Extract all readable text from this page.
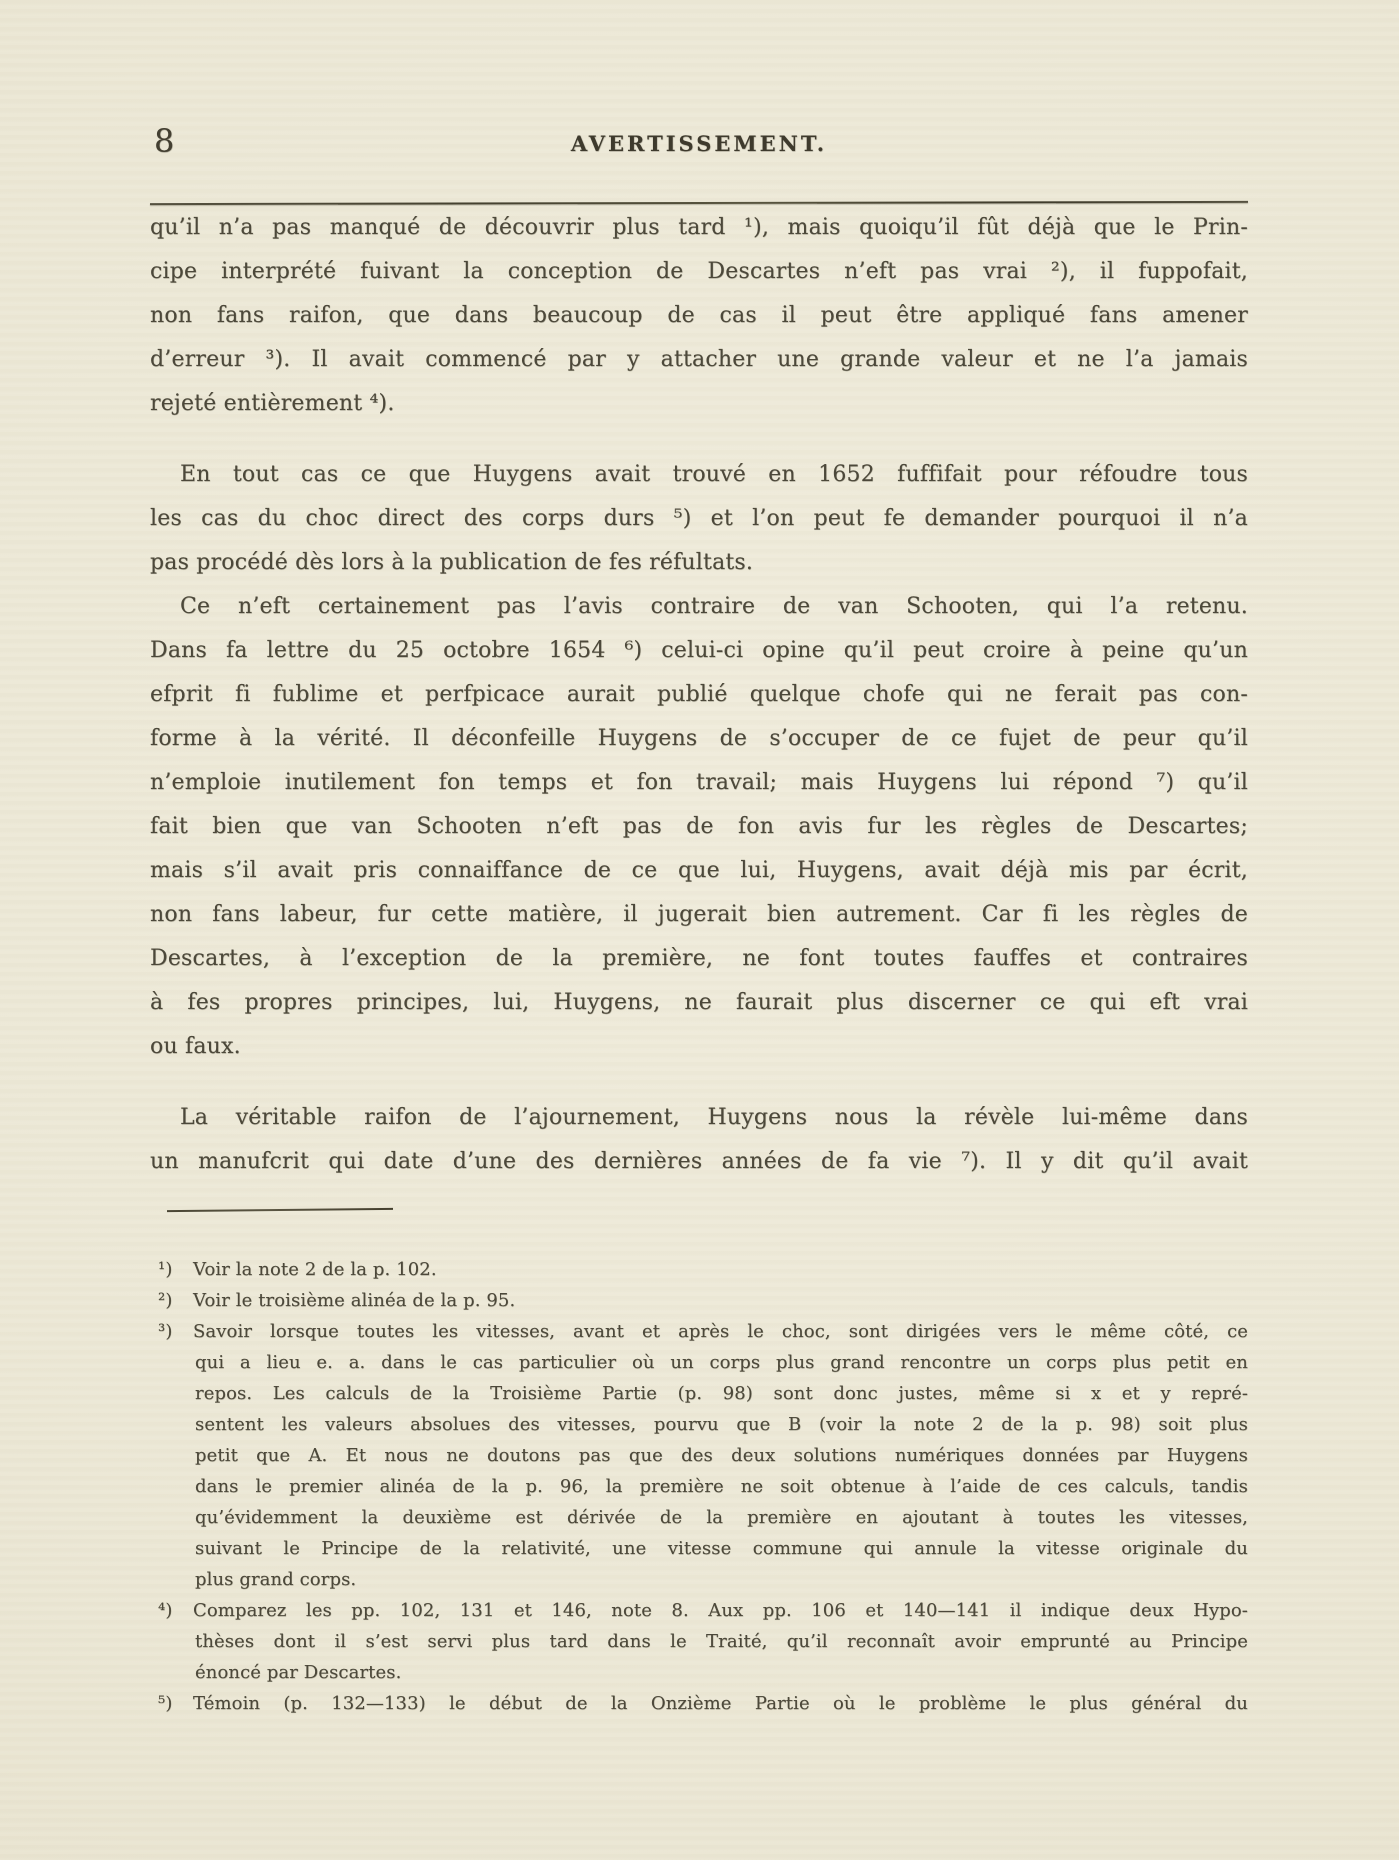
8	AVERTISSEMENT.
qu’il n’a pas manqué de découvrir plus tard ¹), mais quoiqu’il fût déjà que le Prin-
cipe interprété fuivant la conception de Descartes n’eft pas vrai ²), il fuppofait,
non fans raifon, que dans beaucoup de cas il peut être appliqué fans amener
d’erreur ³). Il avait commencé par y attacher une grande valeur et ne l’a jamais
rejeté entièrement ⁴).
En tout cas ce que Huygens avait trouvé en 1652 fuffifait pour réfoudre tous
les cas du choc direct des corps durs ⁵) et l’on peut fe demander pourquoi il n’a
pas procédé dès lors à la publication de fes réfultats.
Ce n’eft certainement pas l’avis contraire de van Schooten, qui l’a retenu.
Dans fa lettre du 25 octobre 1654 ⁶) celui-ci opine qu’il peut croire à peine qu’un
efprit fi fublime et perfpicace aurait publié quelque chofe qui ne ferait pas con-
forme à la vérité. Il déconfeille Huygens de s’occuper de ce fujet de peur qu’il
n’emploie inutilement fon temps et fon travail; mais Huygens lui répond ⁷) qu’il
fait bien que van Schooten n’eft pas de fon avis fur les règles de Descartes;
mais s’il avait pris connaiffance de ce que lui, Huygens, avait déjà mis par écrit,
non fans labeur, fur cette matière, il jugerait bien autrement. Car fi les règles de
Descartes, à l’exception de la première, ne font toutes fauffes et contraires
à fes propres principes, lui, Huygens, ne faurait plus discerner ce qui eft vrai
ou faux.
La véritable raifon de l’ajournement, Huygens nous la révèle lui-même dans
un manufcrit qui date d’une des dernières années de fa vie ⁷). Il y dit qu’il avait
¹) Voir la note 2 de la p. 102.
²) Voir le troisième alinéa de la p. 95.
³) Savoir lorsque toutes les vitesses, avant et après le choc, sont dirigées vers le même côté, ce
qui a lieu e. a. dans le cas particulier où un corps plus grand rencontre un corps plus petit en
repos. Les calculs de la Troisième Partie (p. 98) sont donc justes, même si x et y repré-
sentent les valeurs absolues des vitesses, pourvu que B (voir la note 2 de la p. 98) soit plus
petit que A. Et nous ne doutons pas que des deux solutions numériques données par Huygens
dans le premier alinéa de la p. 96, la première ne soit obtenue à l’aide de ces calculs, tandis
qu’évidemment la deuxième est dérivée de la première en ajoutant à toutes les vitesses,
suivant le Principe de la relativité, une vitesse commune qui annule la vitesse originale du
plus grand corps.
⁴) Comparez les pp. 102, 131 et 146, note 8. Aux pp. 106 et 140—141 il indique deux Hypo-
thèses dont il s’est servi plus tard dans le Traité, qu’il reconnaît avoir emprunté au Principe
énoncé par Descartes.
⁵) Témoin (p. 132—133) le début de la Onzième Partie où le problème le plus général du
